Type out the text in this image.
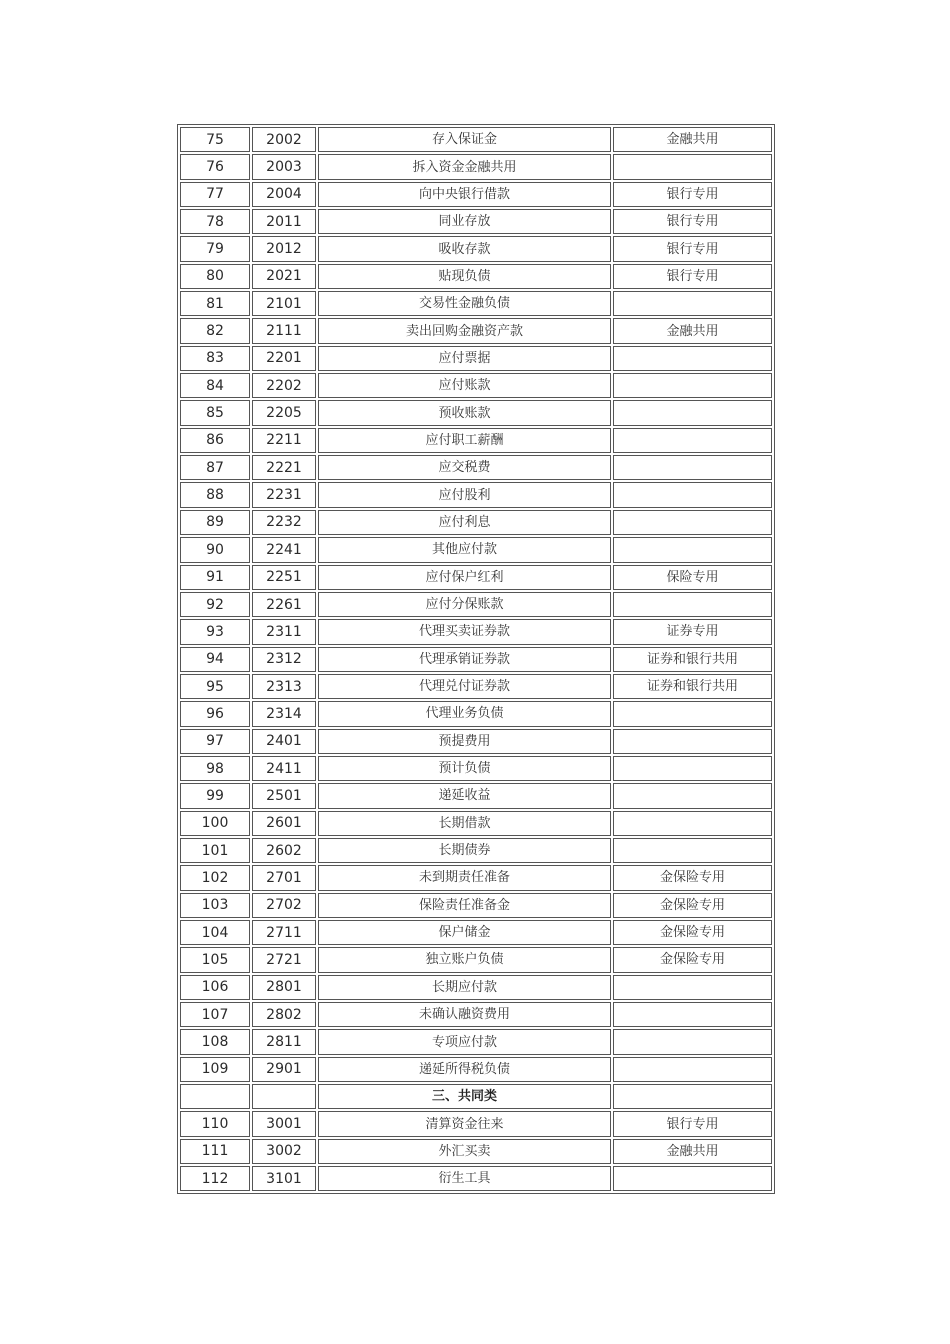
75	2002	存入保证金	金融共用
76	2003	拆入资金金融共用	
77	2004	向中央银行借款	银行专用
78	2011	同业存放	银行专用
79	2012	吸收存款	银行专用
80	2021	贴现负债	银行专用
81	2101	交易性金融负债	
82	2111	卖出回购金融资产款	金融共用
83	2201	应付票据	
84	2202	应付账款	
85	2205	预收账款	
86	2211	应付职工薪酬	
87	2221	应交税费	
88	2231	应付股利	
89	2232	应付利息	
90	2241	其他应付款	
91	2251	应付保户红利	保险专用
92	2261	应付分保账款	
93	2311	代理买卖证券款	证券专用
94	2312	代理承销证券款	证券和银行共用
95	2313	代理兑付证券款	证券和银行共用
96	2314	代理业务负债	
97	2401	预提费用	
98	2411	预计负债	
99	2501	递延收益	
100	2601	长期借款	
101	2602	长期债券	
102	2701	未到期责任准备	金保险专用
103	2702	保险责任准备金	金保险专用
104	2711	保户储金	金保险专用
105	2721	独立账户负债	金保险专用
106	2801	长期应付款	
107	2802	未确认融资费用	
108	2811	专项应付款	
109	2901	递延所得税负债	
		三、共同类	
110	3001	清算资金往来	银行专用
111	3002	外汇买卖	金融共用
112	3101	衍生工具	
